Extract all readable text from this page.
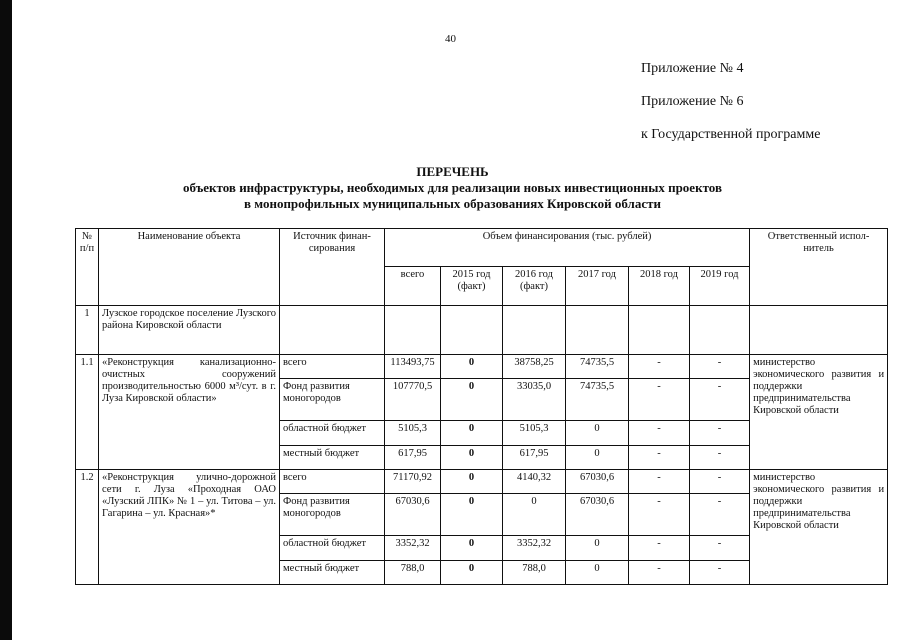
40
Приложение № 4
Приложение № 6
к Государственной программе
ПЕРЕЧЕНЬ
объектов инфраструктуры, необходимых для реализации новых инвестиционных проектов
в монопрофильных муниципальных образованиях Кировской области
№ п/п	Наименование объекта	Источник финан-сирования	Объем финансирования (тыс. рублей)						Ответственный испол-нитель
			всего	2015 год (факт)	2016 год (факт)	2017 год	2018 год	2019 год	
1	Лузское городское поселение Лузского района Кировской области								
1.1	«Реконструкция канализационно-очистных сооружений производительностью 6000 м³/сут. в г. Луза Кировской области»	всего	113493,75	0	38758,25	74735,5	-	-	министерство экономического развития и поддержки предпринимательства Кировской области
		Фонд развития моногородов	107770,5	0	33035,0	74735,5	-	-	
		областной бюджет	5105,3	0	5105,3	0	-	-	
		местный бюджет	617,95	0	617,95	0	-	-	
1.2	«Реконструкция улично-дорожной сети г. Луза «Проходная ОАО «Лузский ЛПК» № 1 – ул. Титова – ул. Гагарина – ул. Красная»*	всего	71170,92	0	4140,32	67030,6	-	-	министерство экономического развития и поддержки предпринимательства Кировской области
		Фонд развития моногородов	67030,6	0	0	67030,6	-	-	
		областной бюджет	3352,32	0	3352,32	0	-	-	
		местный бюджет	788,0	0	788,0	0	-	-	
